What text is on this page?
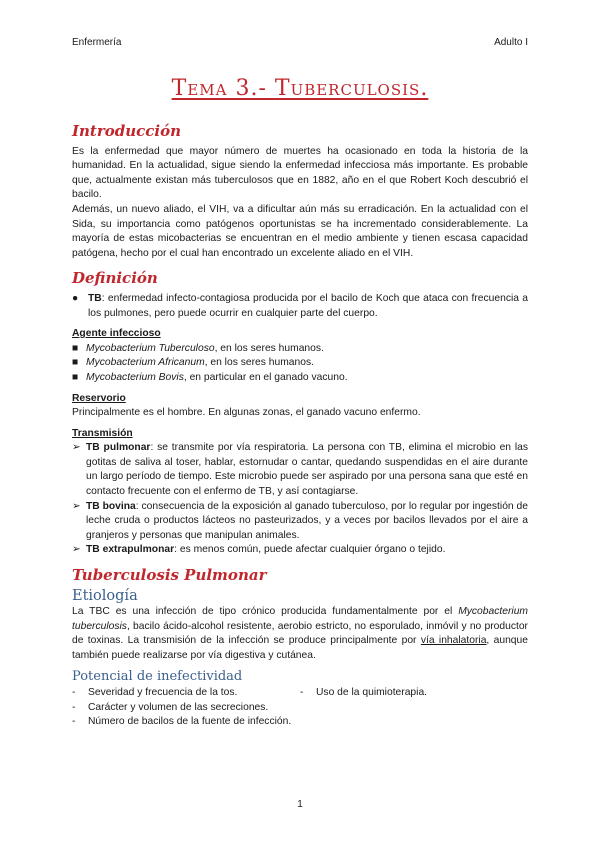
Enfermería	Adulto I
Tema 3.- Tuberculosis.
Introducción

Es la enfermedad que mayor número de muertes ha ocasionado en toda la historia de la humanidad. En la actualidad, sigue siendo la enfermedad infecciosa más importante. Es probable que, actualmente existan más tuberculosos que en 1882, año en el que Robert Koch descubrió el bacilo.

Además, un nuevo aliado, el VIH, va a dificultar aún más su erradicación. En la actualidad con el Sida, su importancia como patógenos oportunistas se ha incrementado considerablemente. La mayoría de estas micobacterias se encuentran en el medio ambiente y tienen escasa capacidad patógena, hecho por el cual han encontrado un excelente aliado en el VIH.

Definición
● TB: enfermedad infecto-contagiosa producida por el bacilo de Koch que ataca con frecuencia a los pulmones, pero puede ocurrir en cualquier parte del cuerpo.
Agente infeccioso
■ Mycobacterium Tuberculoso, en los seres humanos.
■ Mycobacterium Africanum, en los seres humanos.
■ Mycobacterium Bovis, en particular en el ganado vacuno.
Reservorio

Principalmente es el hombre. En algunas zonas, el ganado vacuno enfermo.

Transmisión
➢ TB pulmonar: se transmite por vía respiratoria. La persona con TB, elimina el microbio en las gotitas de saliva al toser, hablar, estornudar o cantar, quedando suspendidas en el aire durante un largo período de tiempo. Este microbio puede ser aspirado por una persona sana que esté en contacto frecuente con el enfermo de TB, y así contagiarse.
➢ TB bovina: consecuencia de la exposición al ganado tuberculoso, por lo regular por ingestión de leche cruda o productos lácteos no pasteurizados, y a veces por bacilos llevados por el aire a granjeros y personas que manipulan animales.
➢ TB extrapulmonar: es menos común, puede afectar cualquier órgano o tejido.
Tuberculosis Pulmonar
Etiología

La TBC es una infección de tipo crónico producida fundamentalmente por el Mycobacterium tuberculosis, bacilo ácido-alcohol resistente, aerobio estricto, no esporulado, inmóvil y no productor de toxinas. La transmisión de la infección se produce principalmente por vía inhalatoria, aunque también puede realizarse por vía digestiva y cutánea.

Potencial de inefectividad
-	Severidad y frecuencia de la tos.
-	Carácter y volumen de las secreciones.
-	Número de bacilos de la fuente de infección.
-	Uso de la quimioterapia.
1
